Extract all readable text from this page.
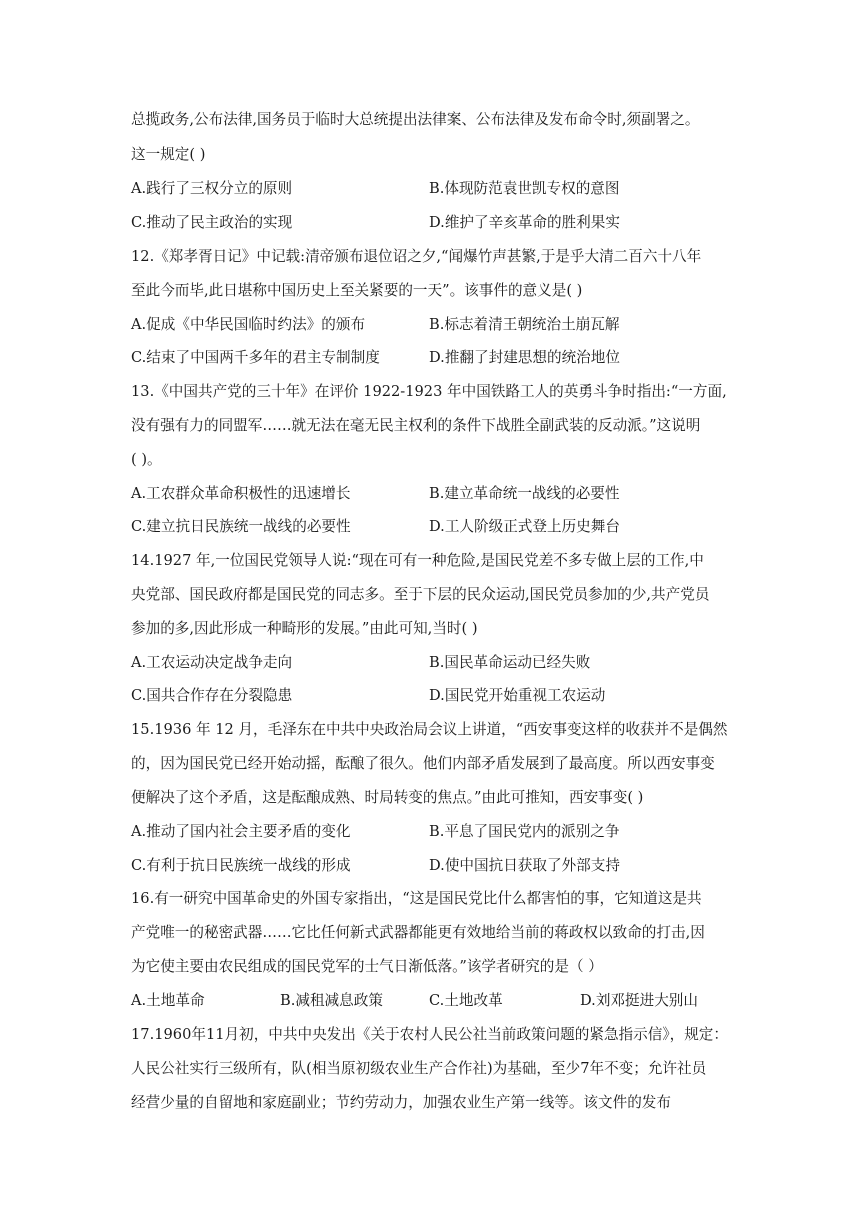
总揽政务,公布法律,国务员于临时大总统提出法律案、公布法律及发布命令时,须副署之。
这一规定( )
A.践行了三权分立的原则	B.体现防范袁世凯专权的意图
C.推动了民主政治的实现	D.维护了辛亥革命的胜利果实
12.《郑孝胥日记》中记载:清帝颁布退位诏之夕,“闻爆竹声甚繁,于是乎大清二百六十八年
至此今而毕,此日堪称中国历史上至关紧要的一天”。该事件的意义是( )
A.促成《中华民国临时约法》的颁布	B.标志着清王朝统治土崩瓦解
C.结束了中国两千多年的君主专制制度	D.推翻了封建思想的统治地位
13.《中国共产党的三十年》在评价 1922-1923 年中国铁路工人的英勇斗争时指出:“一方面,
没有强有力的同盟军……就无法在毫无民主权利的条件下战胜全副武装的反动派。”这说明
( )。
A.工农群众革命积极性的迅速增长	B.建立革命统一战线的必要性
C.建立抗日民族统一战线的必要性	D.工人阶级正式登上历史舞台
14.1927 年,一位国民党领导人说:“现在可有一种危险,是国民党差不多专做上层的工作,中
央党部、国民政府都是国民党的同志多。至于下层的民众运动,国民党员参加的少,共产党员
参加的多,因此形成一种畸形的发展。”由此可知,当时( )
A.工农运动决定战争走向	B.国民革命运动已经失败
C.国共合作存在分裂隐患	D.国民党开始重视工农运动
15.1936 年 12 月，毛泽东在中共中央政治局会议上讲道，“西安事变这样的收获并不是偶然
的，因为国民党已经开始动摇，酝酿了很久。他们内部矛盾发展到了最高度。所以西安事变
便解决了这个矛盾，这是酝酿成熟、时局转变的焦点。”由此可推知，西安事变( )
A.推动了国内社会主要矛盾的变化	B.平息了国民党内的派别之争
C.有利于抗日民族统一战线的形成	D.使中国抗日获取了外部支持
16.有一研究中国革命史的外国专家指出，“这是国民党比什么都害怕的事，它知道这是共
产党唯一的秘密武器……它比任何新式武器都能更有效地给当前的蒋政权以致命的打击,因
为它使主要由农民组成的国民党军的士气日渐低落。”该学者研究的是（ ）
A.土地革命	B.减租减息政策	C.土地改革	D.刘邓挺进大别山
17.1960年11月初，中共中央发出《关于农村人民公社当前政策问题的紧急指示信》，规定：
人民公社实行三级所有，队(相当原初级农业生产合作社)为基础，至少7年不变；允许社员
经营少量的自留地和家庭副业；节约劳动力，加强农业生产第一线等。该文件的发布
